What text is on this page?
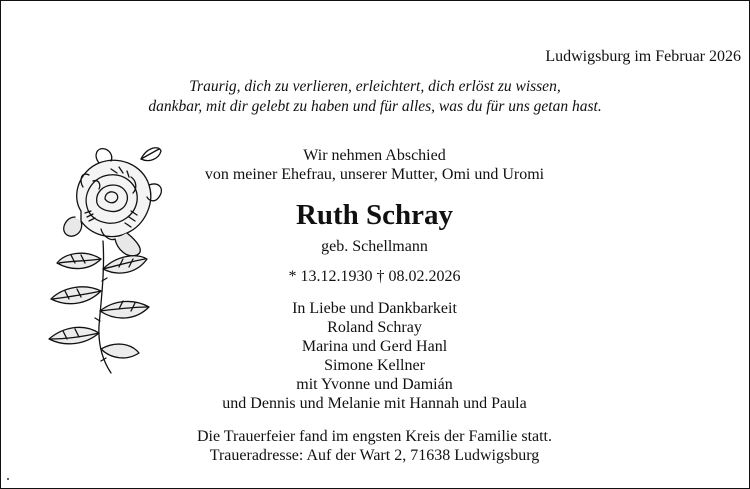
Ludwigsburg im Februar 2026
Traurig, dich zu verlieren, erleichtert, dich erlöst zu wissen,
dankbar, mit dir gelebt zu haben und für alles, was du für uns getan hast.
Wir nehmen Abschied
von meiner Ehefrau, unserer Mutter, Omi und Uromi
Ruth Schray
geb. Schellmann
* 13.12.1930 † 08.02.2026
In Liebe und Dankbarkeit
Roland Schray
Marina und Gerd Hanl
Simone Kellner
mit Yvonne und Damián
und Dennis und Melanie mit Hannah und Paula
Die Trauerfeier fand im engsten Kreis der Familie statt.
Traueradresse: Auf der Wart 2, 71638 Ludwigsburg
